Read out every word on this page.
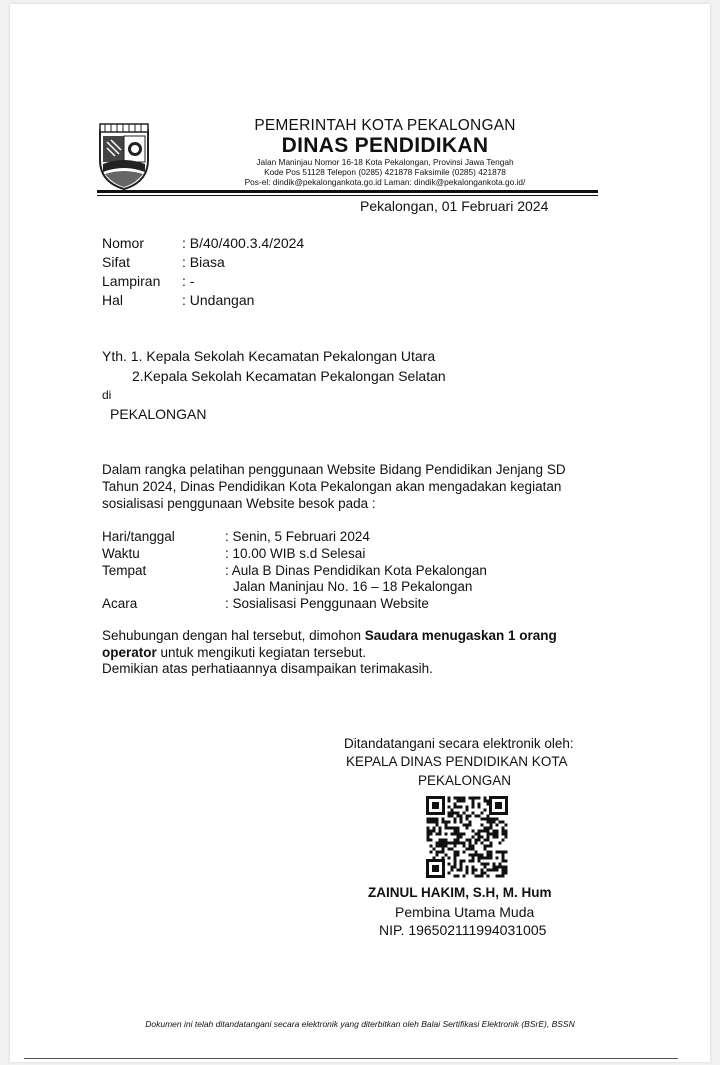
PEMERINTAH KOTA PEKALONGAN
DINAS PENDIDIKAN
Jalan Maninjau Nomor 16-18 Kota Pekalongan, Provinsi Jawa Tengah
Kode Pos 51128 Telepon (0285) 421878 Faksimile (0285) 421878
Pos-el: dindik@pekalongankota.go.id Laman: dindik@pekalongankota.go.id/
Pekalongan, 01 Februari 2024
Nomor	: B/40/400.3.4/2024
Sifat	: Biasa
Lampiran : -
Hal	: Undangan
Yth. 1. Kepala Sekolah Kecamatan Pekalongan Utara
2.Kepala Sekolah Kecamatan Pekalongan Selatan
di
PEKALONGAN
Dalam rangka pelatihan penggunaan Website Bidang Pendidikan Jenjang SD
Tahun 2024, Dinas Pendidikan Kota Pekalongan akan mengadakan kegiatan
sosialisasi penggunaan Website besok pada :
Hari/tanggal	: Senin, 5 Februari 2024
Waktu	: 10.00 WIB s.d Selesai
Tempat	: Aula B Dinas Pendidikan Kota Pekalongan
Jalan Maninjau No. 16 – 18 Pekalongan
Acara	: Sosialisasi Penggunaan Website
Sehubungan dengan hal tersebut, dimohon Saudara menugaskan 1 orang
operator untuk mengikuti kegiatan tersebut.
Demikian atas perhatiaannya disampaikan terimakasih.
Ditandatangani secara elektronik oleh:
KEPALA DINAS PENDIDIKAN KOTA
PEKALONGAN
ZAINUL HAKIM, S.H, M. Hum
Pembina Utama Muda
NIP. 196502111994031005
Dokumen ini telah ditandatangani secara elektronik yang diterbitkan oleh Balai Sertifikasi Elektronik (BSrE), BSSN
